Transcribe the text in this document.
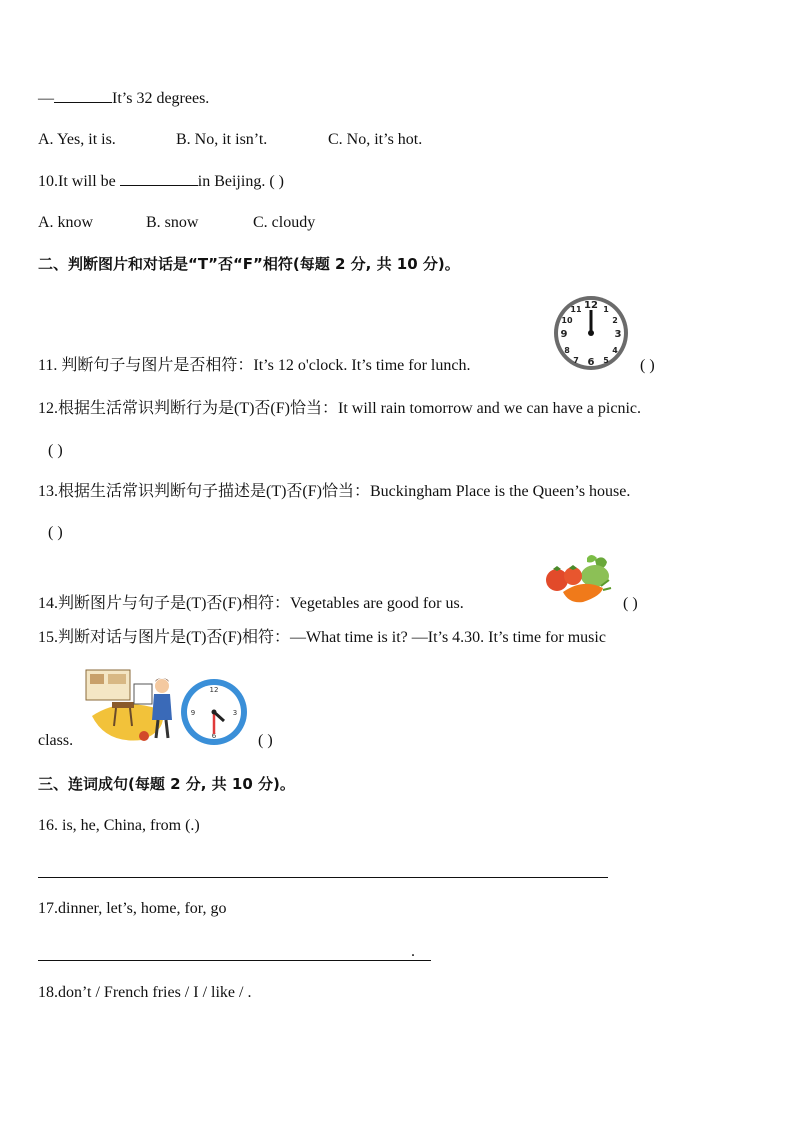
—	It’s 32 degrees.
A. Yes, it is.	B. No, it isn’t.	C. No, it’s hot.
10.It will be	in Beijing. ( )
A. know	B. snow	C. cloudy
二、判断图片和对话是“T”否“F”相符(每题 2 分, 共 10 分)。
12
3
6
9
1
2
4
5
7
8
10
11
11. 判断句子与图片是否相符：It’s 12 o'clock. It’s time for lunch.	( )
12.根据生活常识判断行为是(T)否(F)恰当：It will rain tomorrow and we can have a picnic.
( )
13.根据生活常识判断句子描述是(T)否(F)恰当：Buckingham Place is the Queen’s house.
( )
14.判断图片与句子是(T)否(F)相符：Vegetables are good for us.	( )
15.判断对话与图片是(T)否(F)相符：—What time is it? —It’s 4.30. It’s time for music
12
3
6
9
class.	( )
三、连词成句(每题 2 分, 共 10 分)。
16. is, he, China, from (.)
17.dinner, let’s, home, for, go
.
18.don’t / French fries / I / like / .
